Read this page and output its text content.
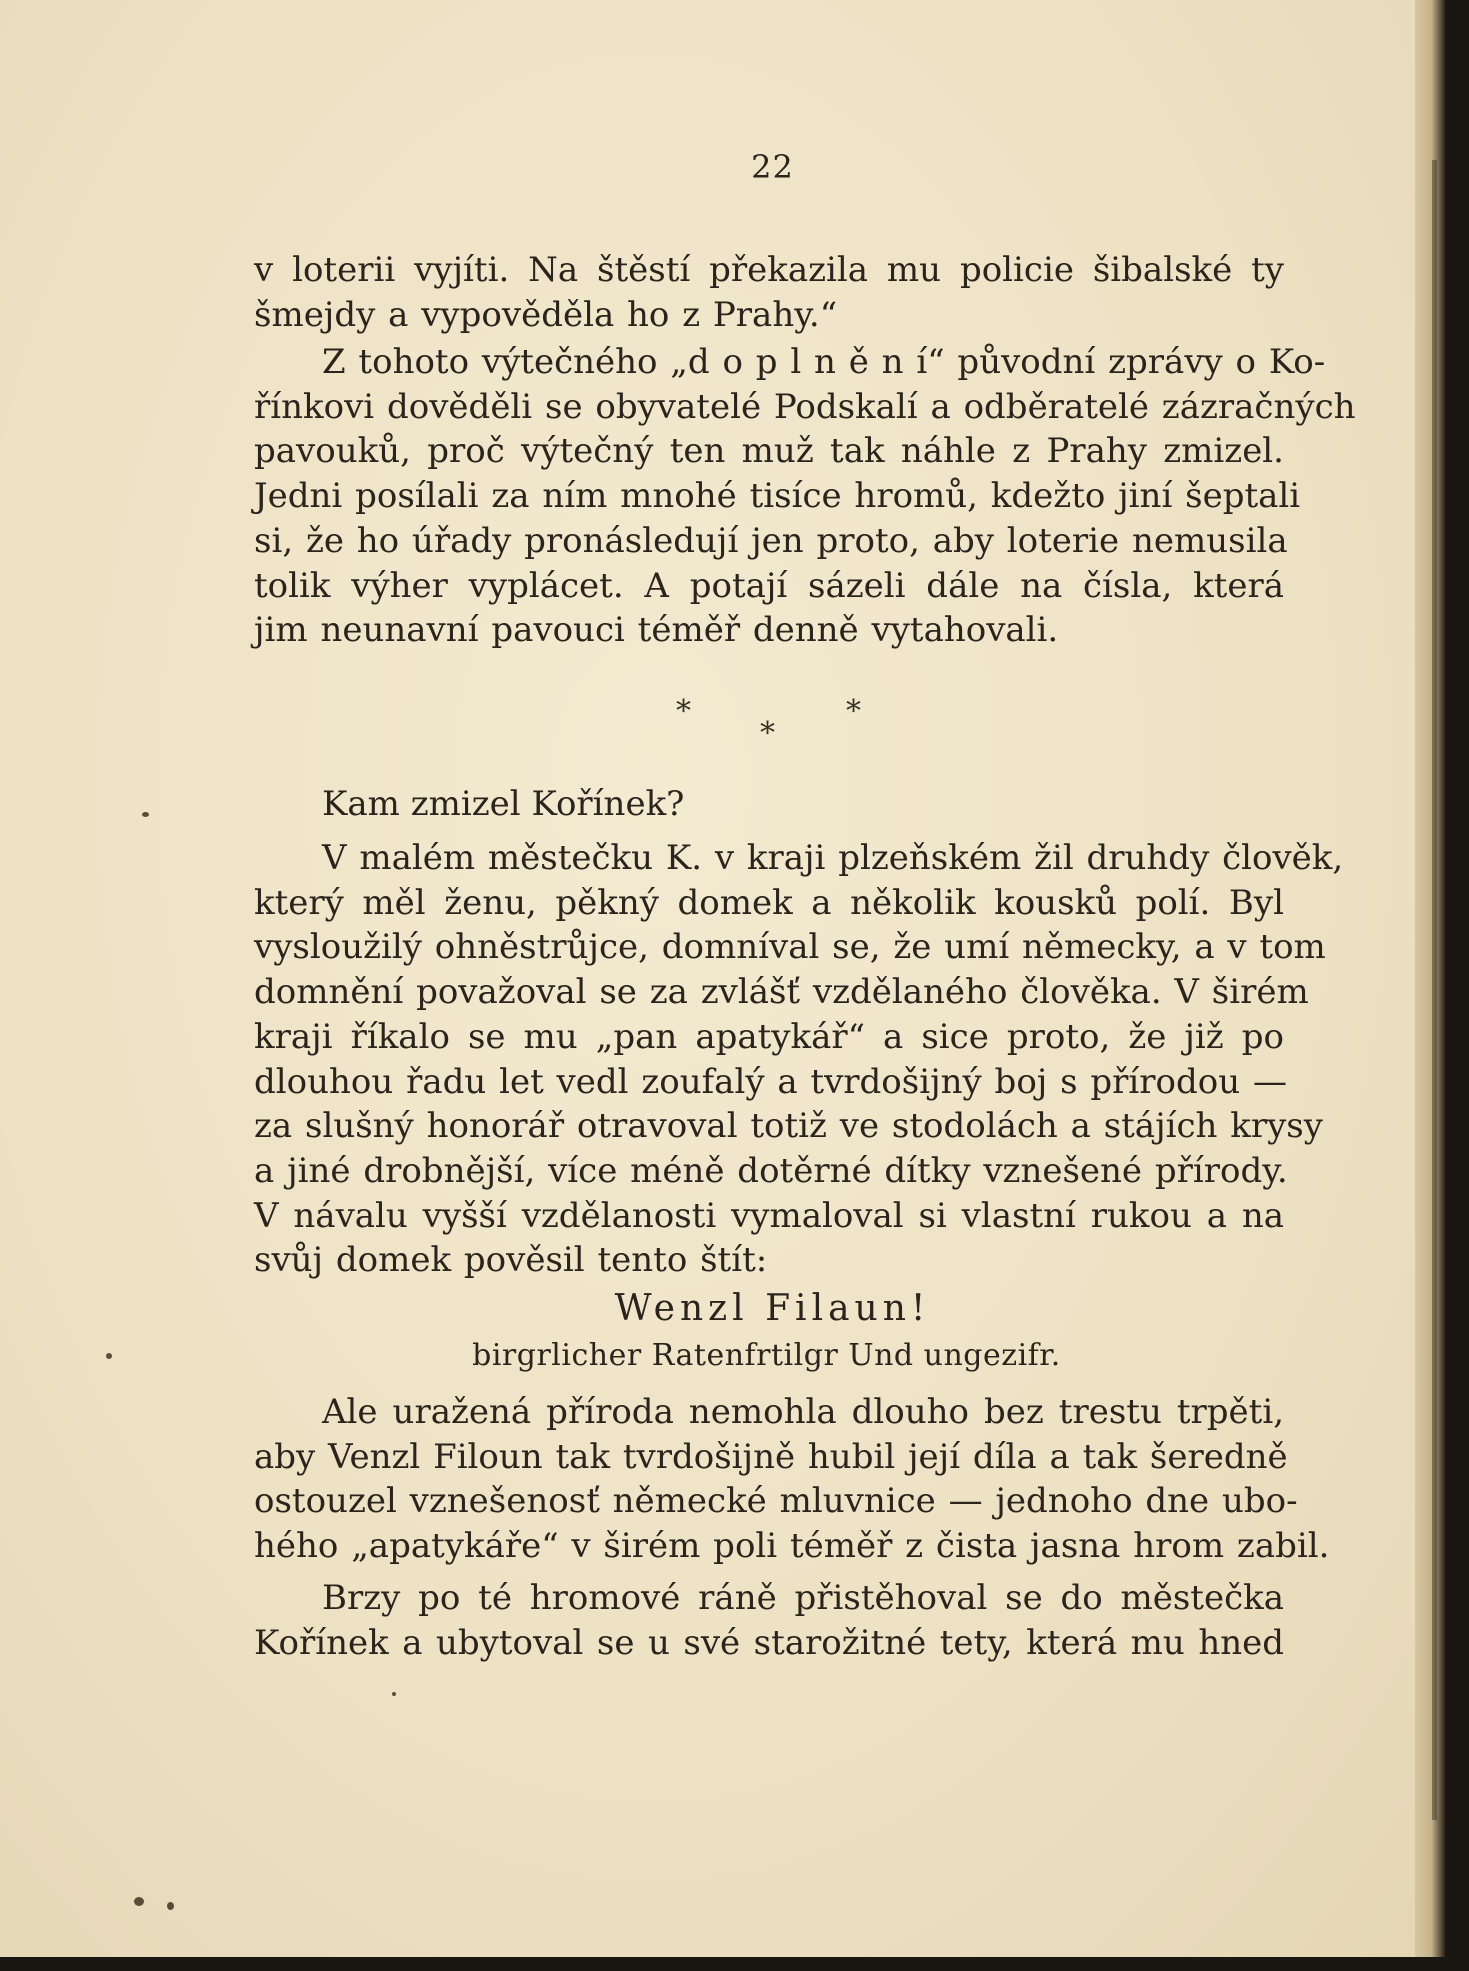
22
v loterii vyjíti. Na štěstí překazila mu policie šibalské ty
šmejdy a vypověděla ho z Prahy.“
Z tohoto výtečného „d o p l n ě n í“ původní zprávy o Ko-
řínkovi dověděli se obyvatelé Podskalí a odběratelé zázračných
pavouků, proč výtečný ten muž tak náhle z Prahy zmizel.
Jedni posílali za ním mnohé tisíce hromů, kdežto jiní šeptali
si, že ho úřady pronásledují jen proto, aby loterie nemusila
tolik výher vyplácet. A potají sázeli dále na čísla, která
jim neunavní pavouci téměř denně vytahovali.
*	*
*
Kam zmizel Kořínek?
V malém městečku K. v kraji plzeňském žil druhdy člověk,
který měl ženu, pěkný domek a několik kousků polí. Byl
vysloužilý ohněstrůjce, domníval se, že umí německy, a v tom
domnění považoval se za zvlášť vzdělaného člověka. V širém
kraji říkalo se mu „pan apatykář“ a sice proto, že již po
dlouhou řadu let vedl zoufalý a tvrdošijný boj s přírodou —
za slušný honorář otravoval totiž ve stodolách a stájích krysy
a jiné drobnější, více méně dotěrné dítky vznešené přírody.
V návalu vyšší vzdělanosti vymaloval si vlastní rukou a na
svůj domek pověsil tento štít:
Wenzl Filaun!
birgrlicher Ratenfrtilgr Und ungezifr.
Ale uražená příroda nemohla dlouho bez trestu trpěti,
aby Venzl Filoun tak tvrdošijně hubil její díla a tak šeredně
ostouzel vznešenosť německé mluvnice — jednoho dne ubo-
hého „apatykáře“ v širém poli téměř z čista jasna hrom zabil.
Brzy po té hromové ráně přistěhoval se do městečka
Kořínek a ubytoval se u své starožitné tety, která mu hned
